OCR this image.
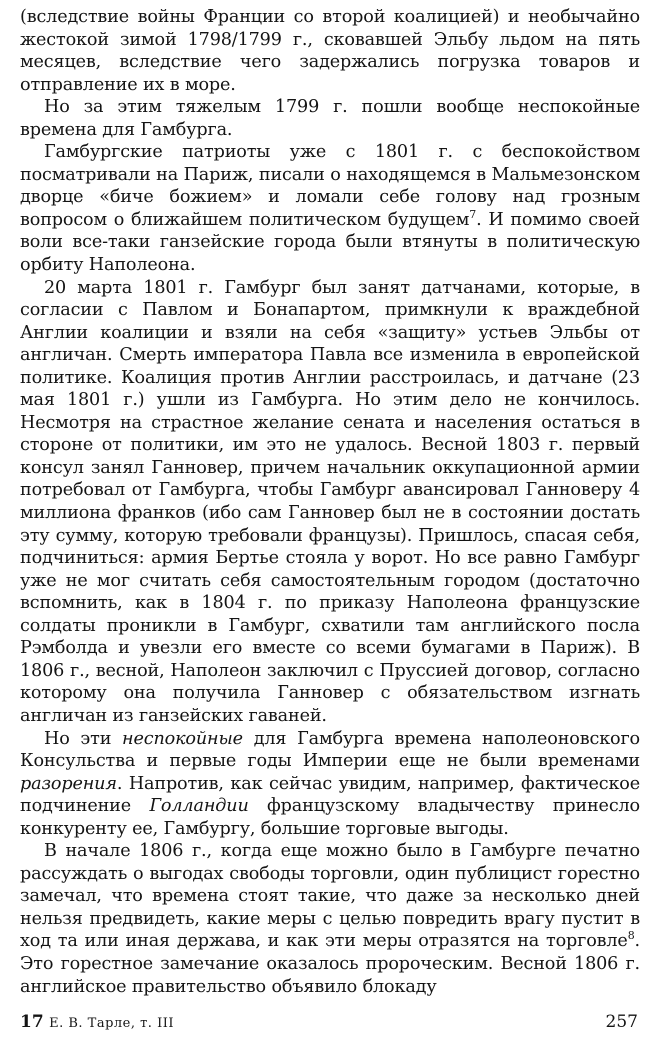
(вследствие войны Франции со второй коалицией) и необычайно жестокой зимой 1798/1799 г., сковавшей Эльбу льдом на пять месяцев, вследствие чего задержались погрузка товаров и отправление их в море.

Но за этим тяжелым 1799 г. пошли вообще неспокойные времена для Гамбурга.

Гамбургские патриоты уже с 1801 г. с беспокойством посматривали на Париж, писали о находящемся в Мальмезонском дворце «биче божием» и ломали себе голову над грозным вопросом о ближайшем политическом будущем$^7$. И помимо своей воли все-таки ганзейские города были втянуты в политическую орбиту Наполеона.

20 марта 1801 г. Гамбург был занят датчанами, которые, в согласии с Павлом и Бонапартом, примкнули к враждебной Англии коалиции и взяли на себя «защиту» устьев Эльбы от англичан. Смерть императора Павла все изменила в европейской политике. Коалиция против Англии расстроилась, и датчане (23 мая 1801 г.) ушли из Гамбурга. Но этим дело не кончилось. Несмотря на страстное желание сената и населения остаться в стороне от политики, им это не удалось. Весной 1803 г. первый консул занял Ганновер, причем начальник оккупационной армии потребовал от Гамбурга, чтобы Гамбург авансировал Ганноверу 4 миллиона франков (ибо сам Ганновер был не в состоянии достать эту сумму, которую требовали французы). Пришлось, спасая себя, подчиниться: армия Бертье стояла у ворот. Но все равно Гамбург уже не мог считать себя самостоятельным городом (достаточно вспомнить, как в 1804 г. по приказу Наполеона французские солдаты проникли в Гамбург, схватили там английского посла Рэмболда и увезли его вместе со всеми бумагами в Париж). В 1806 г., весной, Наполеон заключил с Пруссией договор, согласно которому она получила Ганновер с обязательством изгнать англичан из ганзейских гаваней.

Но эти неспокойные для Гамбурга времена наполеоновского Консульства и первые годы Империи еще не были временами разорения. Напротив, как сейчас увидим, например, фактическое подчинение Голландии французскому владычеству принесло конкуренту ее, Гамбургу, большие торговые выгоды.

В начале 1806 г., когда еще можно было в Гамбурге печатно рассуждать о выгодах свободы торговли, один публицист горестно замечал, что времена стоят такие, что даже за несколько дней нельзя предвидеть, какие меры с целью повредить врагу пустит в ход та или иная держава, и как эти меры отразятся на торговле$^8$. Это горестное замечание оказалось пророческим. Весной 1806 г. английское правительство объявило блокаду

17 Е. В. Тарле, т. III	257
